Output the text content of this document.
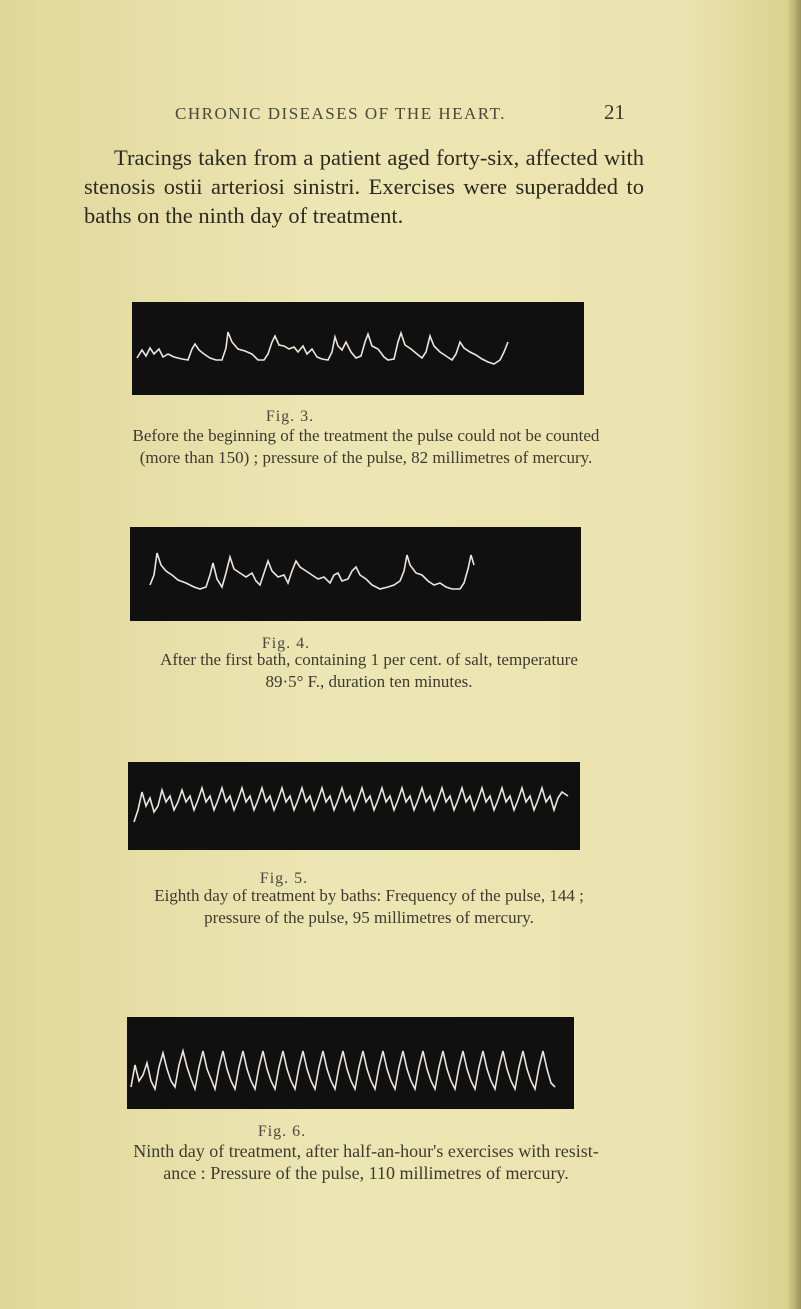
CHRONIC DISEASES OF THE HEART.	21

Tracings taken from a patient aged forty-six, affected with stenosis ostii arteriosi sinistri. Exercises were superadded to baths on the ninth day of treatment.

Fig. 3.
Before the beginning of the treatment the pulse could not be counted
(more than 150) ; pressure of the pulse, 82 millimetres of mercury.
Fig. 4.
After the first bath, containing 1 per cent. of salt, temperature
89·5° F., duration ten minutes.
Fig. 5.
Eighth day of treatment by baths: Frequency of the pulse, 144 ;
pressure of the pulse, 95 millimetres of mercury.
Fig. 6.
Ninth day of treatment, after half-an-hour's exercises with resist-
ance : Pressure of the pulse, 110 millimetres of mercury.
